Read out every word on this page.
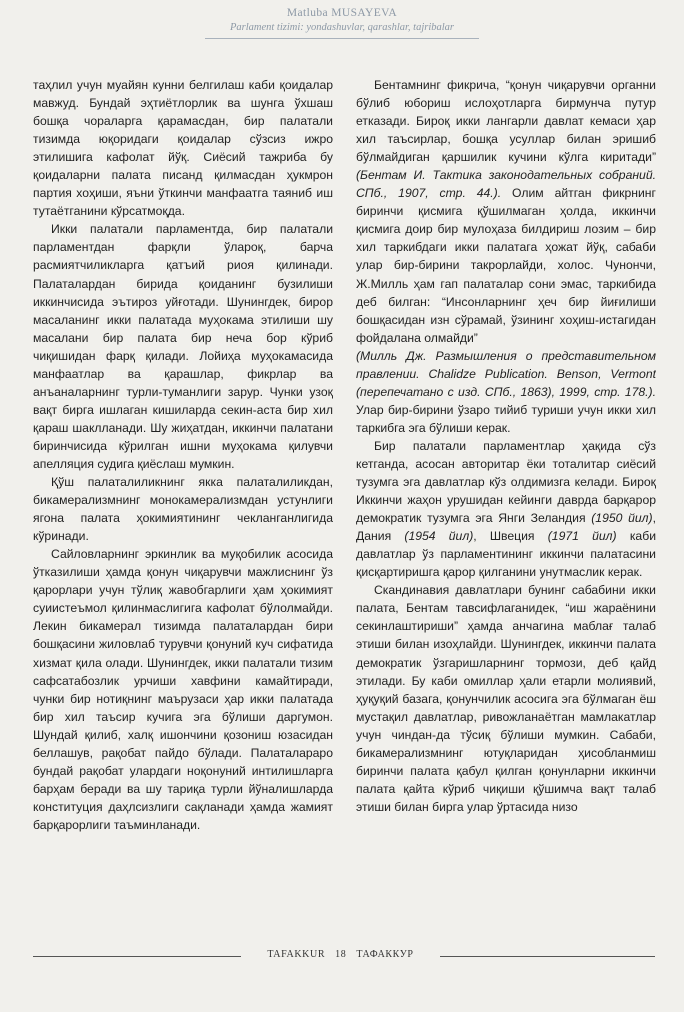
Matluba MUSAYEVA
Parlament tizimi: yondashuvlar, qarashlar, tajribalar

таҳлил учун муайян кунни белгилаш каби қоидалар мавжуд. Бундай эҳтиётлорлик ва шунга ўхшаш бошқа чораларга қарамасдан, бир палатали тизимда юқоридаги қоидалар сўзсиз ижро этилишига кафолат йўқ. Сиёсий тажриба бу қоидаларни палата писанд қилмасдан ҳукмрон партия хоҳиши, яъни ўткинчи манфаатга таяниб иш тутаётганини кўрсатмоқда.

Икки палатали парламентда, бир палатали парламентдан фарқли ўлароқ, барча расмиятчиликларга қатъий риоя қилинади. Палаталардан бирида қоиданинг бузилиши иккинчисида эътироз уйғотади. Шунингдек, бирор масаланинг икки палатада муҳокама этилиши шу масалани бир палата бир неча бор кўриб чиқишидан фарқ қилади. Лойиҳа муҳокамасида манфаатлар ва қарашлар, фикрлар ва анъаналарнинг турли-туманлиги зарур. Чунки узоқ вақт бирга ишлаган кишиларда секин-аста бир хил қараш шаклланади. Шу жиҳатдан, иккинчи палатани биринчисида кўрилган ишни муҳокама қилувчи апелляция судига қиёслаш мумкин.

Қўш палаталиликнинг якка палаталиликдан, бикамерализмнинг монокамерализмдан устунлиги ягона палата ҳокимиятининг чекланганлигида кўринади.

Сайловларнинг эркинлик ва муқобилик асосида ўтказилиши ҳамда қонун чиқарувчи мажлиснинг ўз қарорлари учун тўлиқ жавобгарлиги ҳам ҳокимият суиистеъмол қилинмаслигига кафолат бўлолмайди. Лекин бикамерал тизимда палаталардан бири бошқасини жиловлаб турувчи қонуний куч сифатида хизмат қила олади. Шунингдек, икки палатали тизим сафсатабозлик урчиши хавфини камайтиради, чунки бир нотиқнинг маърузаси ҳар икки палатада бир хил таъсир кучига эга бўлиши даргумон. Шундай қилиб, халқ ишончини қозониш юзасидан беллашув, рақобат пайдо бўлади. Палаталараро бундай рақобат улардаги ноқонуний интилишларга барҳам беради ва шу тариқа турли йўналишларда конституция даҳлсизлиги сақланади ҳамда жамият барқарорлиги таъминланади.

Бентамнинг фикрича, “қонун чиқарувчи органни бўлиб юбориш ислоҳотларга бирмунча путур етказади. Бироқ икки лангарли давлат кемаси ҳар хил таъсирлар, бошқа усуллар билан эришиб бўлмайдиган қаршилик кучини кўлга киритади” (Бентам И. Тактика законодательных собраний. СПб., 1907, стр. 44.). Олим айтган фикрнинг биринчи қисмига қўшилмаган ҳолда, иккинчи қисмига доир бир мулоҳаза билдириш лозим – бир хил таркибдаги икки палатага ҳожат йўқ, сабаби улар бир-бирини такрорлайди, холос. Чунончи, Ж.Милль ҳам гап палаталар сони эмас, таркибида деб билган: “Инсонларнинг ҳеч бир йиғилиши бошқасидан изн сўрамай, ўзининг хоҳиш-истагидан фойдалана олмайди”

(Милль Дж. Размышления о представительном правлении. Chalidze Publication. Benson, Vermont (перепечатано с изд. СПб., 1863), 1999, стр. 178.). Улар бир-бирини ўзаро тийиб туриши учун икки хил таркибга эга бўлиши керак.

Бир палатали парламентлар ҳақида сўз кетганда, асосан авторитар ёки тоталитар сиёсий тузумга эга давлатлар кўз олдимизга келади. Бироқ Иккинчи жаҳон урушидан кейинги даврда барқарор демократик тузумга эга Янги Зеландия (1950 йил), Дания (1954 йил), Швеция (1971 йил) каби давлатлар ўз парламентининг иккинчи палатасини қисқартиришга қарор қилганини унутмаслик керак.

Скандинавия давлатлари бунинг сабабини икки палата, Бентам тавсифлаганидек, “иш жараёнини секинлаштириши” ҳамда анчагина маблағ талаб этиши билан изоҳлайди. Шунингдек, иккинчи палата демократик ўзгаришларнинг тормози, деб қайд этилади. Бу каби омиллар ҳали етарли молиявий, ҳуқуқий базага, қонунчилик асосига эга бўлмаган ёш мустақил давлатлар, ривожланаётган мамлакатлар учун чиндан-да тўсиқ бўлиши мумкин. Сабаби, бикамерализмнинг ютуқларидан ҳисобланмиш биринчи палата қабул қилган қонунларни иккинчи палата қайта кўриб чиқиши қўшимча вақт талаб этиши билан бирга улар ўртасида низо

TAFAKKUR 18 ТАФАККУР
